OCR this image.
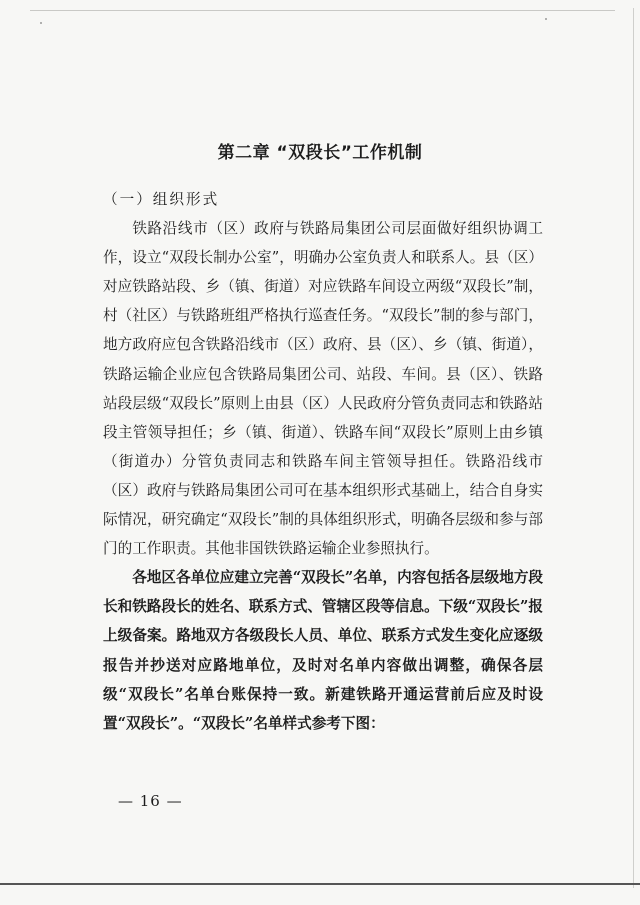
第二章 “双段长”工作机制

（一）组织形式

铁路沿线市（区）政府与铁路局集团公司层面做好组织协调工作，设立“双段长制办公室”，明确办公室负责人和联系人。县（区）对应铁路站段、乡（镇、街道）对应铁路车间设立两级“双段长”制，村（社区）与铁路班组严格执行巡查任务。“双段长”制的参与部门，地方政府应包含铁路沿线市（区）政府、县（区）、乡（镇、街道），铁路运输企业应包含铁路局集团公司、站段、车间。县（区）、铁路站段层级“双段长”原则上由县（区）人民政府分管负责同志和铁路站段主管领导担任；乡（镇、街道）、铁路车间“双段长”原则上由乡镇（街道办）分管负责同志和铁路车间主管领导担任。铁路沿线市（区）政府与铁路局集团公司可在基本组织形式基础上，结合自身实际情况，研究确定“双段长”制的具体组织形式，明确各层级和参与部门的工作职责。其他非国铁铁路运输企业参照执行。

各地区各单位应建立完善“双段长”名单，内容包括各层级地方段长和铁路段长的姓名、联系方式、管辖区段等信息。下级“双段长”报上级备案。路地双方各级段长人员、单位、联系方式发生变化应逐级报告并抄送对应路地单位，及时对名单内容做出调整，确保各层级“双段长”名单台账保持一致。新建铁路开通运营前后应及时设置“双段长”。“双段长”名单样式参考下图：

— 16 —
